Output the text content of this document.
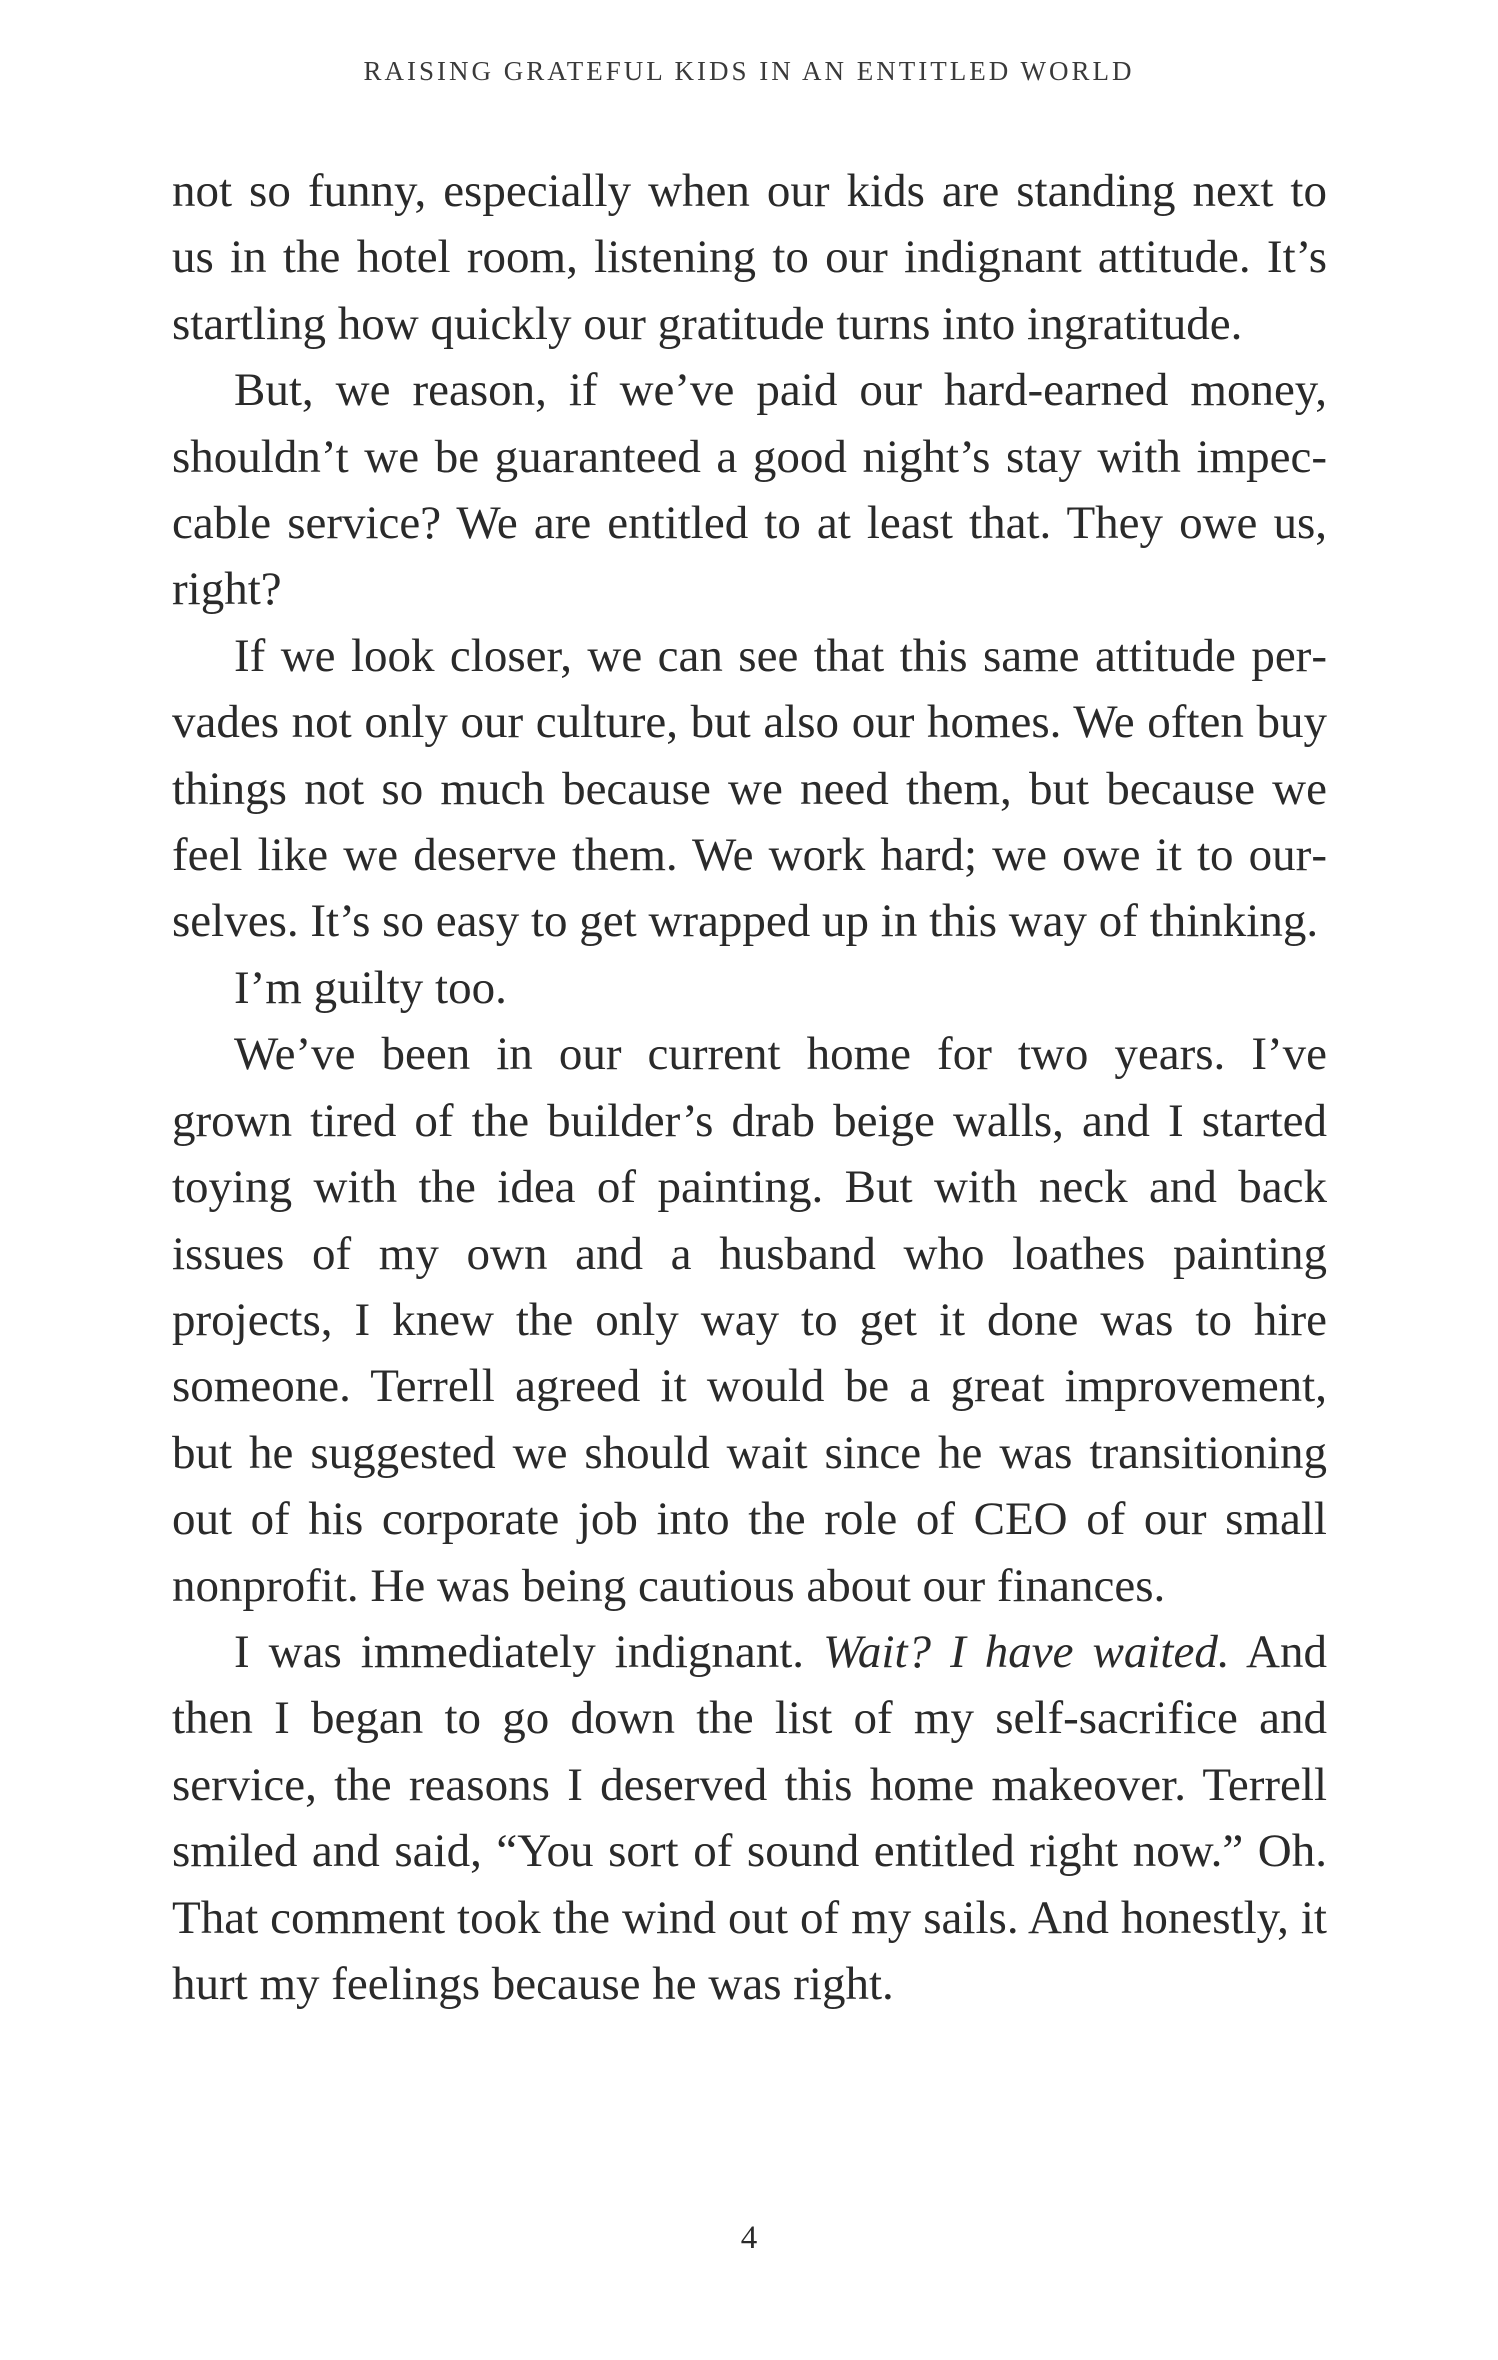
RAISING GRATEFUL KIDS IN AN ENTITLED WORLD

not so funny, especially when our kids are standing next to us in the hotel room, listening to our indignant attitude. It’s startling how quickly our gratitude turns into ingratitude.

But, we reason, if we’ve paid our hard-earned money, shouldn’t we be guaranteed a good night’s stay with impeccable service? We are entitled to at least that. They owe us, right?

If we look closer, we can see that this same attitude pervades not only our culture, but also our homes. We often buy things not so much because we need them, but because we feel like we deserve them. We work hard; we owe it to ourselves. It’s so easy to get wrapped up in this way of thinking.

I’m guilty too.

We’ve been in our current home for two years. I’ve grown tired of the builder’s drab beige walls, and I started toying with the idea of painting. But with neck and back issues of my own and a husband who loathes painting projects, I knew the only way to get it done was to hire someone. Terrell agreed it would be a great improvement, but he suggested we should wait since he was transitioning out of his corporate job into the role of CEO of our small nonprofit. He was being cautious about our finances.

I was immediately indignant. Wait? I have waited. And then I began to go down the list of my self-sacrifice and service, the reasons I deserved this home makeover. Terrell smiled and said, “You sort of sound entitled right now.” Oh. That comment took the wind out of my sails. And honestly, it hurt my feelings because he was right.

4
